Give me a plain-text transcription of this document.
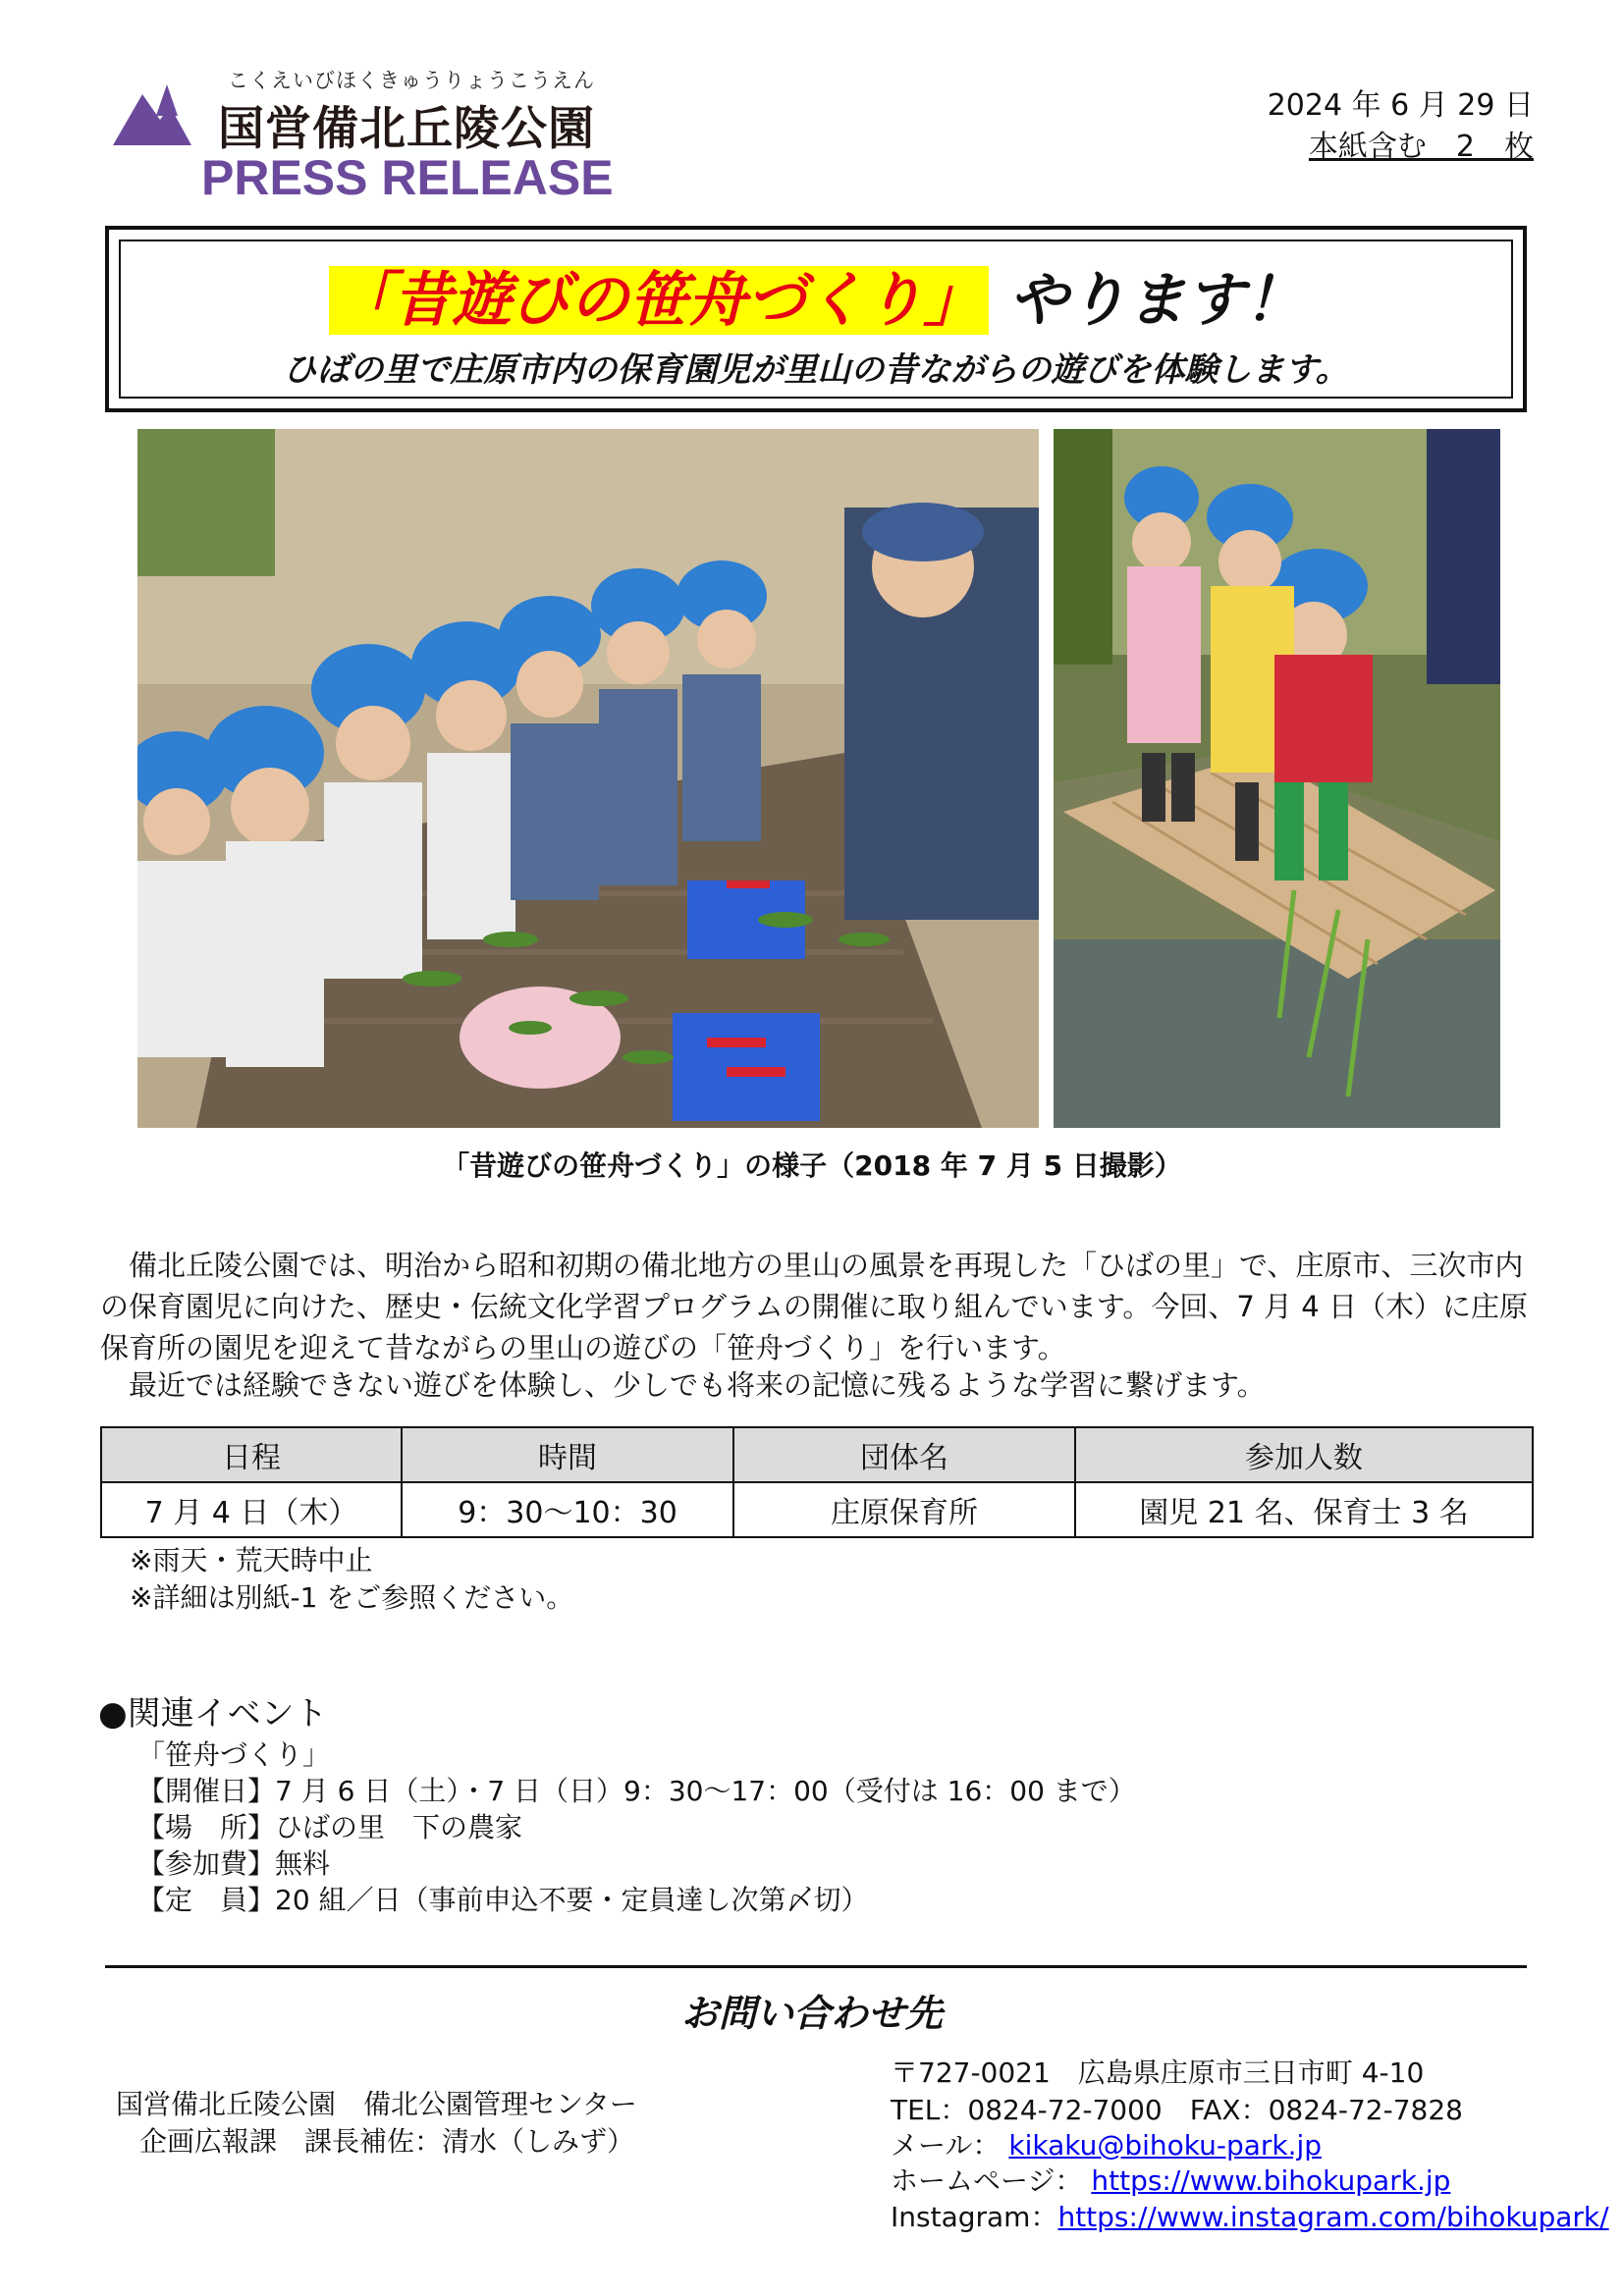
こくえいびほくきゅうりょうこうえん
国営備北丘陵公園
PRESS RELEASE
2024 年 6 月 29 日
本紙含む　2　枚
「昔遊びの笹舟づくり」 やります！
ひばの里で庄原市内の保育園児が里山の昔ながらの遊びを体験します。
「昔遊びの笹舟づくり」の様子（2018 年 7 月 5 日撮影）
備北丘陵公園では、明治から昭和初期の備北地方の里山の風景を再現した「ひばの里」で、庄原市、三次市内の保育園児に向けた、歴史・伝統文化学習プログラムの開催に取り組んでいます。今回、7 月 4 日（木）に庄原保育所の園児を迎えて昔ながらの里山の遊びの「笹舟づくり」を行います。
最近では経験できない遊びを体験し、少しでも将来の記憶に残るような学習に繋げます。
日程	時間	団体名	参加人数
7 月 4 日（木）	9：30～10：30	庄原保育所	園児 21 名、保育士 3 名
※雨天・荒天時中止
※詳細は別紙-1 をご参照ください。
●関連イベント
「笹舟づくり」
【開催日】7 月 6 日（土）・7 日（日）9：30～17：00（受付は 16：00 まで）
【場　所】ひばの里　下の農家
【参加費】無料
【定　員】20 組／日（事前申込不要・定員達し次第〆切）
お問い合わせ先
国営備北丘陵公園　備北公園管理センター
企画広報課　課長補佐：清水（しみず）
〒727-0021　広島県庄原市三日市町 4-10
TEL：0824-72-7000　FAX：0824-72-7828
メール： kikaku@bihoku-park.jp
ホームページ： https://www.bihokupark.jp
Instagram：https://www.instagram.com/bihokupark/
